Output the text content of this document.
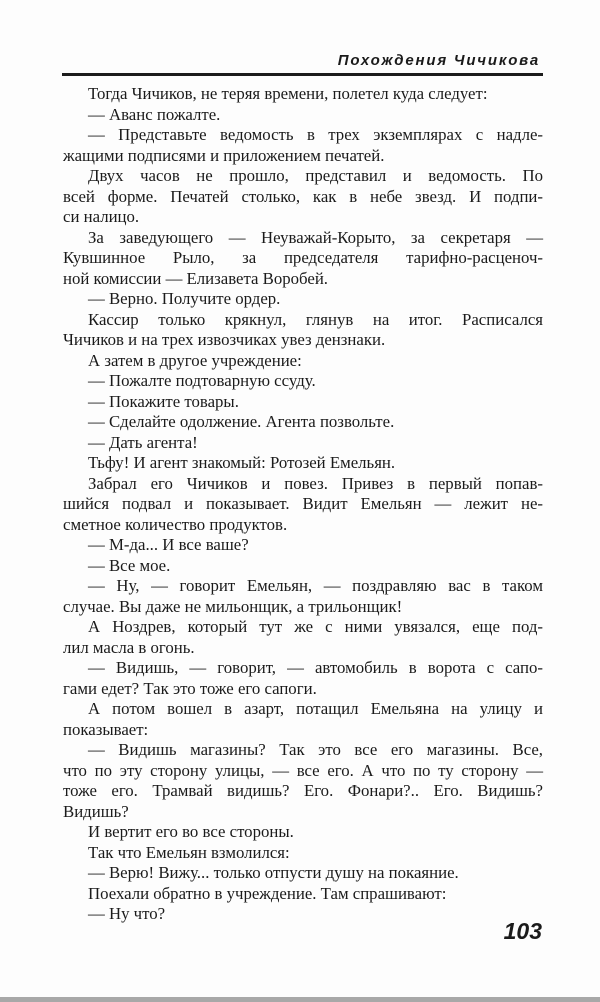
Похождения Чичикова
Тогда Чичиков, не теряя времени, полетел куда следует:
— Аванс пожалте.
— Представьте ведомость в трех экземплярах с надле-
жащими подписями и приложением печатей.
Двух часов не прошло, представил и ведомость. По
всей форме. Печатей столько, как в небе звезд. И подпи-
си налицо.
За заведующего — Неуважай-Корыто, за секретаря —
Кувшинное Рыло, за председателя тарифно-расценоч-
ной комиссии — Елизавета Воробей.
— Верно. Получите ордер.
Кассир только крякнул, глянув на итог. Расписался
Чичиков и на трех извозчиках увез дензнаки.
А затем в другое учреждение:
— Пожалте подтоварную ссуду.
— Покажите товары.
— Сделайте одолжение. Агента позвольте.
— Дать агента!
Тьфу! И агент знакомый: Ротозей Емельян.
Забрал его Чичиков и повез. Привез в первый попав-
шийся подвал и показывает. Видит Емельян — лежит не-
сметное количество продуктов.
— М-да... И все ваше?
— Все мое.
— Ну, — говорит Емельян, — поздравляю вас в таком
случае. Вы даже не мильонщик, а трильонщик!
А Ноздрев, который тут же с ними увязался, еще под-
лил масла в огонь.
— Видишь, — говорит, — автомобиль в ворота с сапо-
гами едет? Так это тоже его сапоги.
А потом вошел в азарт, потащил Емельяна на улицу и
показывает:
— Видишь магазины? Так это все его магазины. Все,
что по эту сторону улицы, — все его. А что по ту сторону —
тоже его. Трамвай видишь? Его. Фонари?.. Его. Видишь?
Видишь?
И вертит его во все стороны.
Так что Емельян взмолился:
— Верю! Вижу... только отпусти душу на покаяние.
Поехали обратно в учреждение. Там спрашивают:
— Ну что?
103
